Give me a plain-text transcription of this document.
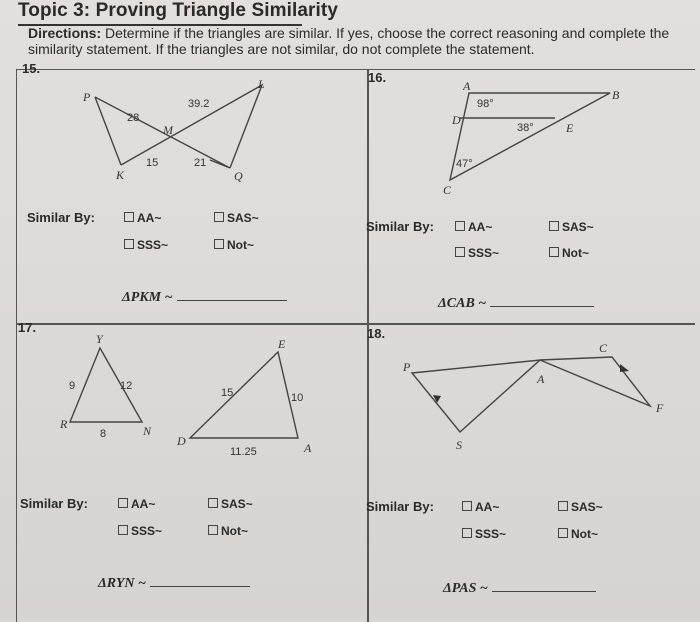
Topic 3: Proving Triangle Similarity
Directions: Determine if the triangles are similar. If yes, choose the correct reasoning and complete the similarity statement. If the triangles are not similar, do not complete the statement.
15.
P
L
M
K	Q
28
39.2
15	21
Similar By:	AA~	SAS~
SSS~	Not~
ΔPKM ~
16.
A
B
D
E
C
98°
38°
47°
Similar By:	AA~	SAS~
SSS~	Not~
ΔCAB ~
17.
Y
R	N
E
D	A
9	12
8
15	10
11.25
Similar By:	AA~	SAS~
SSS~	Not~
ΔRYN ~
18.
P
C
A
F
S
Similar By:	AA~	SAS~
SSS~	Not~
ΔPAS ~
